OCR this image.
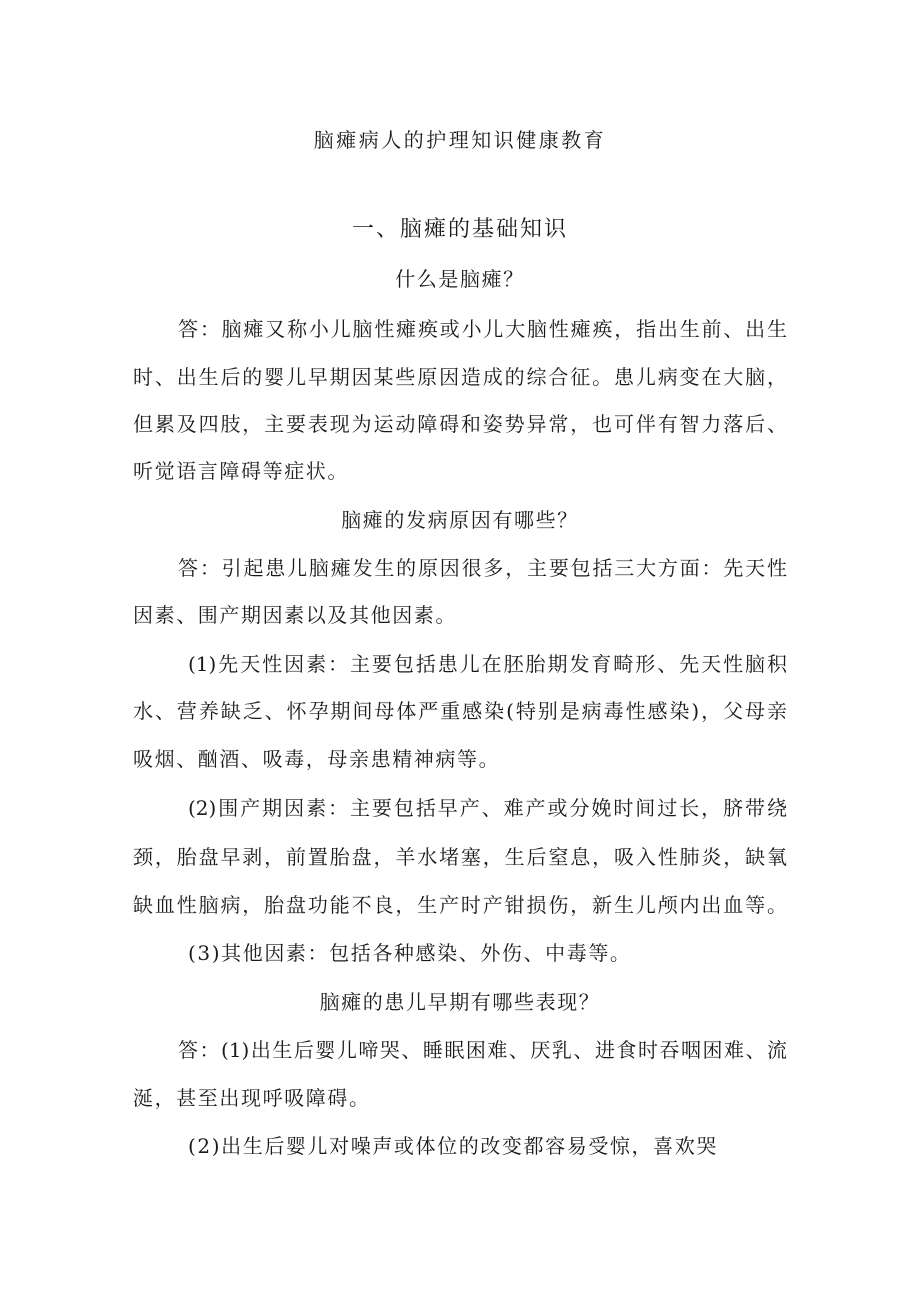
脑瘫病人的护理知识健康教育
一、脑瘫的基础知识
什么是脑瘫？
答：脑瘫又称小儿脑性瘫痪或小儿大脑性瘫痪，指出生前、出生
时、出生后的婴儿早期因某些原因造成的综合征。患儿病变在大脑，
但累及四肢，主要表现为运动障碍和姿势异常，也可伴有智力落后、
听觉语言障碍等症状。
脑瘫的发病原因有哪些？
答：引起患儿脑瘫发生的原因很多，主要包括三大方面：先天性
因素、围产期因素以及其他因素。
(1)先天性因素：主要包括患儿在胚胎期发育畸形、先天性脑积
水、营养缺乏、怀孕期间母体严重感染(特别是病毒性感染)，父母亲
吸烟、酗酒、吸毒，母亲患精神病等。
(2)围产期因素：主要包括早产、难产或分娩时间过长，脐带绕
颈，胎盘早剥，前置胎盘，羊水堵塞，生后窒息，吸入性肺炎，缺氧
缺血性脑病，胎盘功能不良，生产时产钳损伤，新生儿颅内出血等。
(3)其他因素：包括各种感染、外伤、中毒等。
脑瘫的患儿早期有哪些表现？
答：(1)出生后婴儿啼哭、睡眠困难、厌乳、进食时吞咽困难、流
涎，甚至出现呼吸障碍。
(2)出生后婴儿对噪声或体位的改变都容易受惊，喜欢哭
